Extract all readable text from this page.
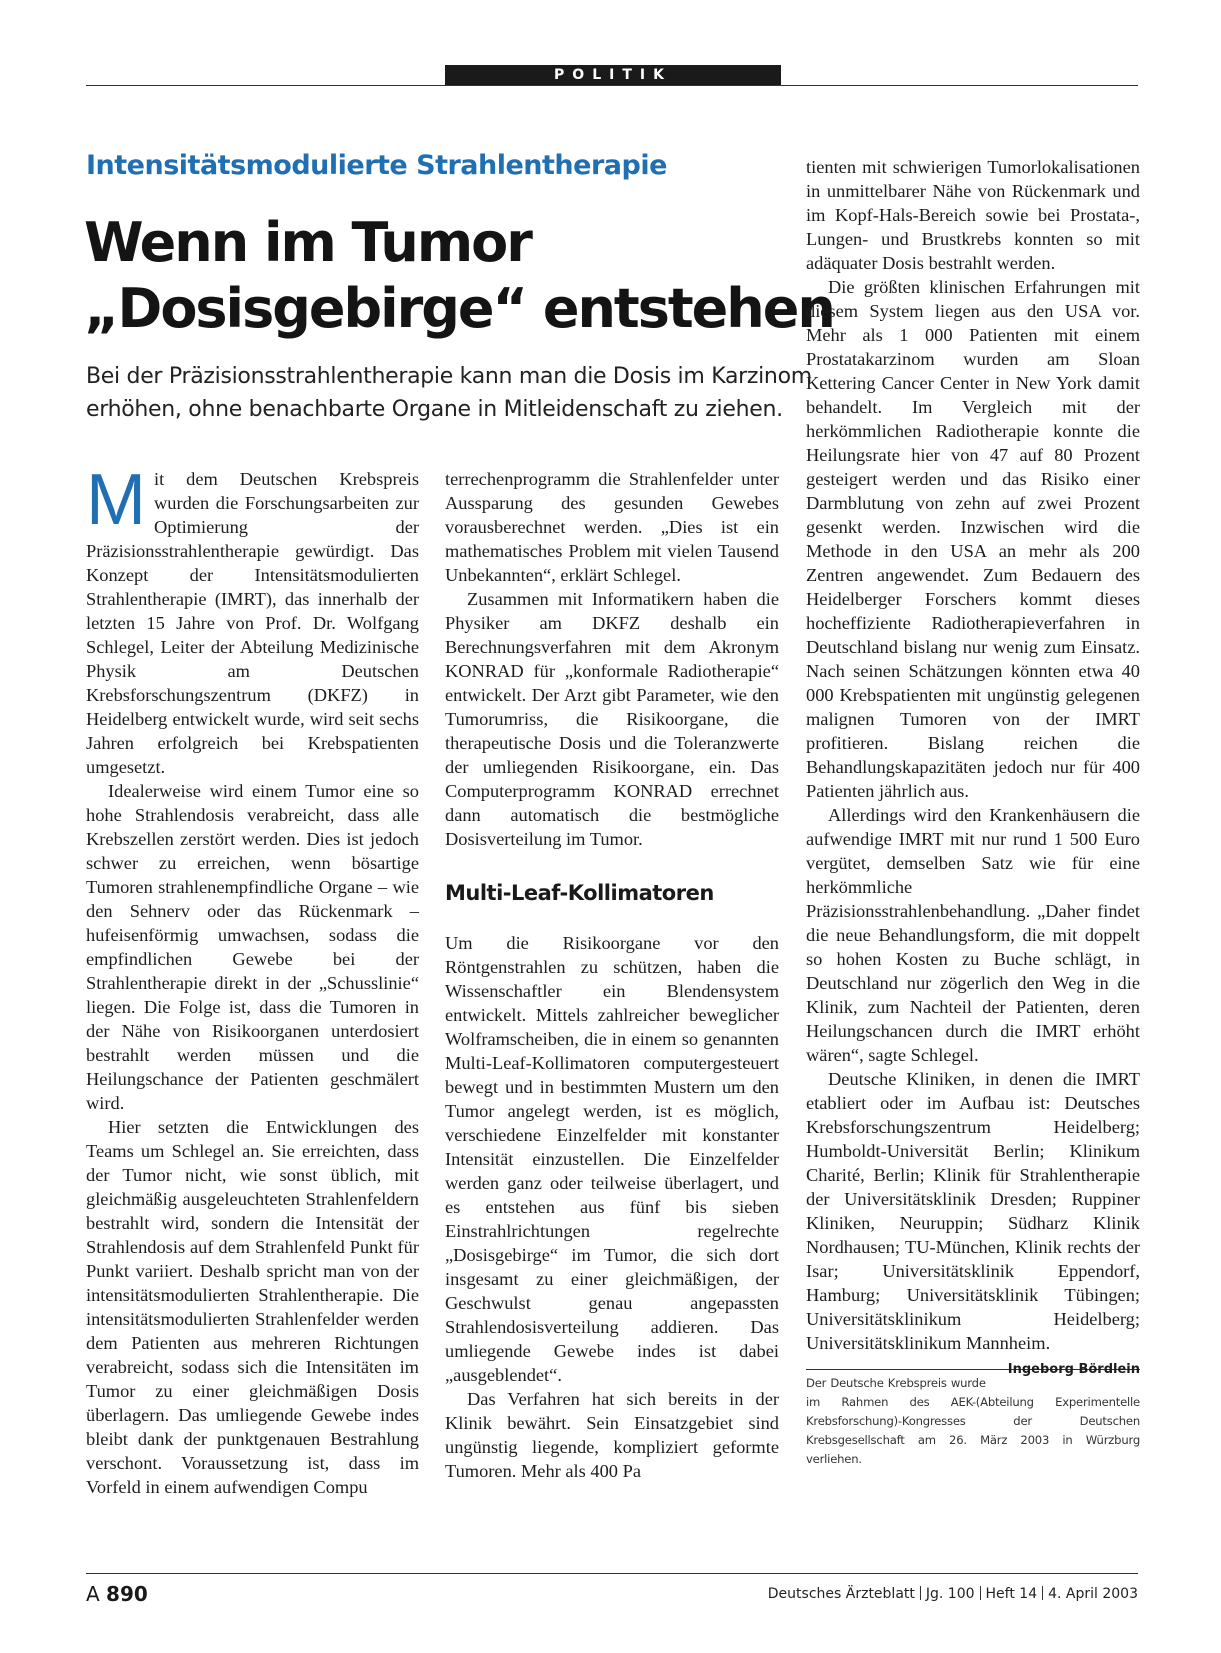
POLITIK
Intensitätsmodulierte Strahlentherapie
Wenn im Tumor
„Dosisgebirge“ entstehen
Bei der Präzisionsstrahlentherapie kann man die Dosis im Karzinom
erhöhen, ohne benachbarte Organe in Mitleidenschaft zu ziehen.

Mit dem Deutschen Krebspreis wurden die Forschungsarbeiten zur Optimierung der Präzisionsstrahlentherapie gewürdigt. Das Konzept der Intensitätsmodulierten Strahlentherapie (IMRT), das innerhalb der letzten 15 Jahre von Prof. Dr. Wolfgang Schlegel, Leiter der Abteilung Medizinische Physik am Deutschen Krebsforschungszentrum (DKFZ) in Heidelberg entwickelt wurde, wird seit sechs Jahren erfolgreich bei Krebspatienten umgesetzt.

Idealerweise wird einem Tumor eine so hohe Strahlendosis verabreicht, dass alle Krebszellen zerstört werden. Dies ist jedoch schwer zu erreichen, wenn bösartige Tumoren strahlenempfindliche Organe – wie den Sehnerv oder das Rückenmark – hufeisenförmig umwachsen, sodass die empfindlichen Gewebe bei der Strahlentherapie direkt in der „Schusslinie“ liegen. Die Folge ist, dass die Tumoren in der Nähe von Risikoorganen unterdosiert bestrahlt werden müssen und die Heilungschance der Patienten geschmälert wird.

Hier setzten die Entwicklungen des Teams um Schlegel an. Sie erreichten, dass der Tumor nicht, wie sonst üblich, mit gleichmäßig ausgeleuchteten Strahlenfeldern bestrahlt wird, sondern die Intensität der Strahlendosis auf dem Strahlenfeld Punkt für Punkt variiert. Deshalb spricht man von der intensitätsmodulierten Strahlentherapie. Die intensitätsmodulierten Strahlenfelder werden dem Patienten aus mehreren Richtungen verabreicht, sodass sich die Intensitäten im Tumor zu einer gleichmäßigen Dosis überlagern. Das umliegende Gewebe indes bleibt dank der punktgenauen Bestrahlung verschont. Voraussetzung ist, dass im Vorfeld in einem aufwendigen Compu

terrechenprogramm die Strahlenfelder unter Aussparung des gesunden Gewebes vorausberechnet werden. „Dies ist ein mathematisches Problem mit vielen Tausend Unbekannten“, erklärt Schlegel.

Zusammen mit Informatikern haben die Physiker am DKFZ deshalb ein Berechnungsverfahren mit dem Akronym KONRAD für „konformale Radiotherapie“ entwickelt. Der Arzt gibt Parameter, wie den Tumorumriss, die Risikoorgane, die therapeutische Dosis und die Toleranzwerte der umliegenden Risikoorgane, ein. Das Computerprogramm KONRAD errechnet dann automatisch die bestmögliche Dosisverteilung im Tumor.

Multi-Leaf-Kollimatoren

Um die Risikoorgane vor den Röntgenstrahlen zu schützen, haben die Wissenschaftler ein Blendensystem entwickelt. Mittels zahlreicher beweglicher Wolframscheiben, die in einem so genannten Multi-Leaf-Kollimatoren computergesteuert bewegt und in bestimmten Mustern um den Tumor angelegt werden, ist es möglich, verschiedene Einzelfelder mit konstanter Intensität einzustellen. Die Einzelfelder werden ganz oder teilweise überlagert, und es entstehen aus fünf bis sieben Einstrahlrichtungen regelrechte „Dosisgebirge“ im Tumor, die sich dort insgesamt zu einer gleichmäßigen, der Geschwulst genau angepassten Strahlendosisverteilung addieren. Das umliegende Gewebe indes ist dabei „ausgeblendet“.

Das Verfahren hat sich bereits in der Klinik bewährt. Sein Einsatzgebiet sind ungünstig liegende, kompliziert geformte Tumoren. Mehr als 400 Pa

tienten mit schwierigen Tumorlokalisationen in unmittelbarer Nähe von Rückenmark und im Kopf-Hals-Bereich sowie bei Prostata-, Lungen- und Brustkrebs konnten so mit adäquater Dosis bestrahlt werden.

Die größten klinischen Erfahrungen mit diesem System liegen aus den USA vor. Mehr als 1 000 Patienten mit einem Prostatakarzinom wurden am Sloan Kettering Cancer Center in New York damit behandelt. Im Vergleich mit der herkömmlichen Radiotherapie konnte die Heilungsrate hier von 47 auf 80 Prozent gesteigert werden und das Risiko einer Darmblutung von zehn auf zwei Prozent gesenkt werden. Inzwischen wird die Methode in den USA an mehr als 200 Zentren angewendet. Zum Bedauern des Heidelberger Forschers kommt dieses hocheffiziente Radiotherapieverfahren in Deutschland bislang nur wenig zum Einsatz. Nach seinen Schätzungen könnten etwa 40 000 Krebspatienten mit ungünstig gelegenen malignen Tumoren von der IMRT profitieren. Bislang reichen die Behandlungskapazitäten jedoch nur für 400 Patienten jährlich aus.

Allerdings wird den Krankenhäusern die aufwendige IMRT mit nur rund 1 500 Euro vergütet, demselben Satz wie für eine herkömmliche Präzisionsstrahlenbehandlung. „Daher findet die neue Behandlungsform, die mit doppelt so hohen Kosten zu Buche schlägt, in Deutschland nur zögerlich den Weg in die Klinik, zum Nachteil der Patienten, deren Heilungschancen durch die IMRT erhöht wären“, sagte Schlegel.

Deutsche Kliniken, in denen die IMRT etabliert oder im Aufbau ist: Deutsches Krebsforschungszentrum Heidelberg; Humboldt-Universität Berlin; Klinikum Charité, Berlin; Klinik für Strahlentherapie der Universitätsklinik Dresden; Ruppiner Kliniken, Neuruppin; Südharz Klinik Nordhausen; TU-München, Klinik rechts der Isar; Universitätsklinik Eppendorf, Hamburg; Universitätsklinik Tübingen; Universitätsklinikum Heidelberg; Universitätsklinikum Mannheim.
Ingeborg Bördlein

Der Deutsche Krebspreis wurde im Rahmen des AEK-(Abteilung Experimentelle Krebsforschung)-Kongresses der Deutschen Krebsgesellschaft am 26. März 2003 in Würzburg verliehen.
A 890	Deutsches Ärzteblatt Jg. 100 Heft 14 4. April 2003
